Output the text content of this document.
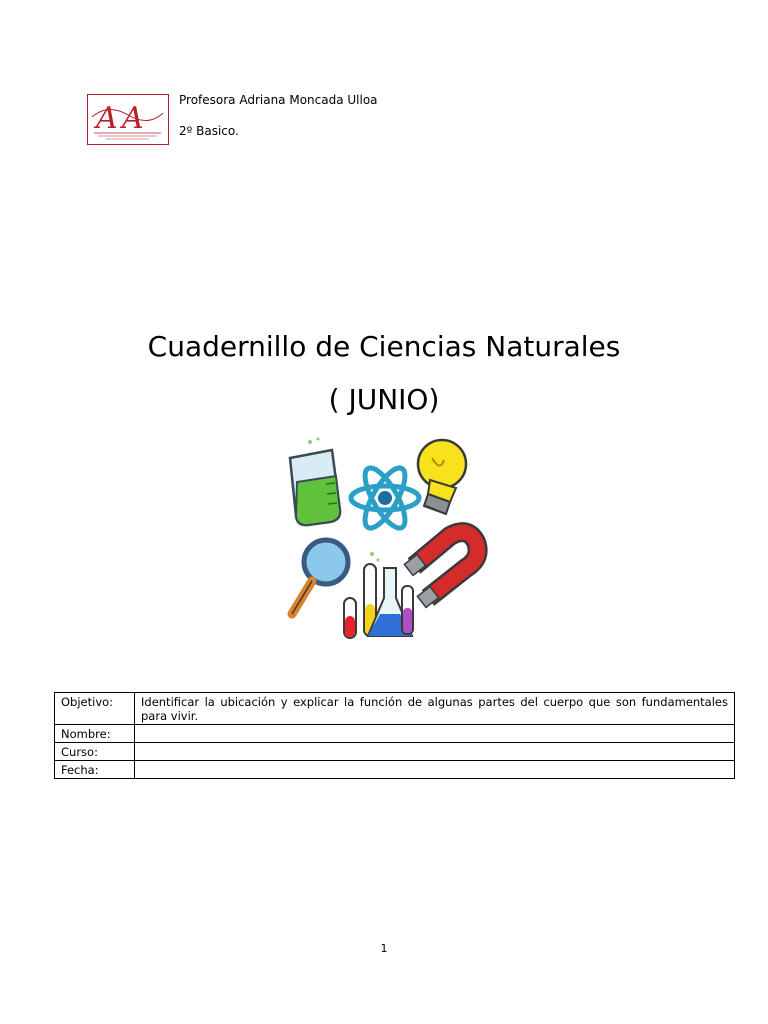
A A
Profesora Adriana Moncada Ulloa
2º Basico.
Cuadernillo de Ciencias Naturales
( JUNIO)
Objetivo:	Identificar la ubicación y explicar la función de algunas partes del cuerpo que son fundamentales para vivir.
Nombre:	
Curso:	
Fecha:	
1
